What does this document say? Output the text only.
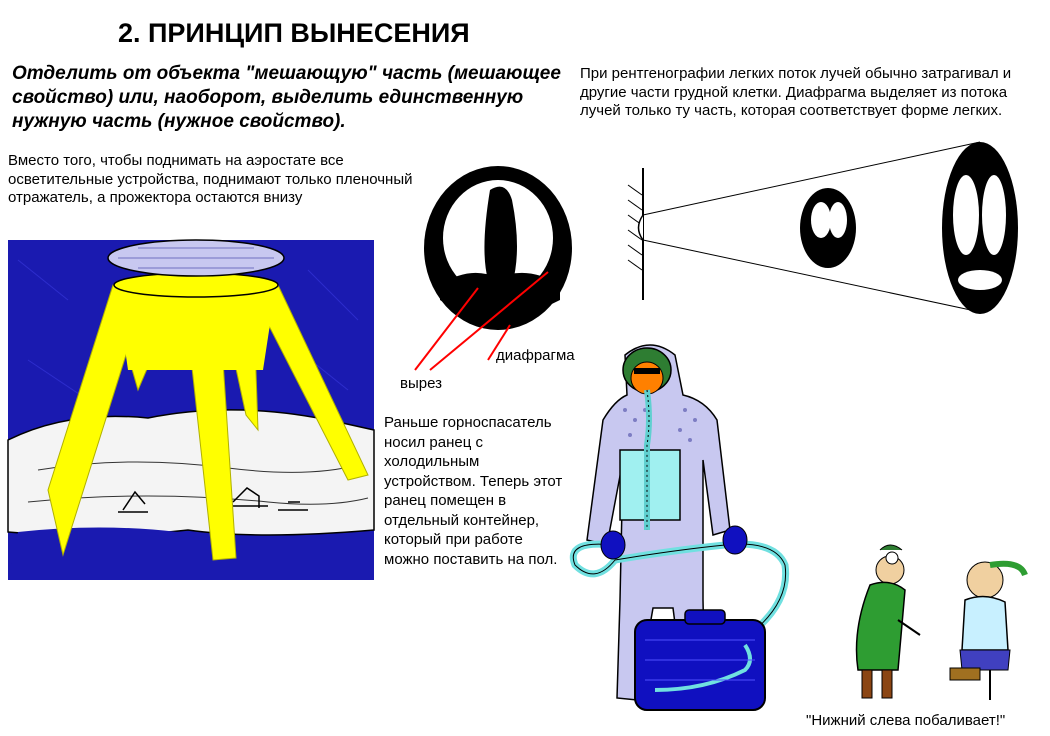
2. ПРИНЦИП ВЫНЕСЕНИЯ
Отделить от объекта "мешающую" часть (мешающее свойство) или, наоборот, выделить единственную нужную часть (нужное свойство).
Вместо того, чтобы поднимать на аэростате все осветительные устройства, поднимают только пленочный отражатель, а прожектора остаются внизу
При рентгенографии легких поток лучей обычно затрагивал и другие части грудной клетки. Диафрагма выделяет из потока лучей только ту часть, которая соответствует форме легких.
вырез
диафрагма
Раньше горноспасатель носил ранец с холодильным устройством. Теперь этот ранец помещен в отдельный контейнер, который при работе можно поставить на пол.
"Нижний слева побаливает!"
